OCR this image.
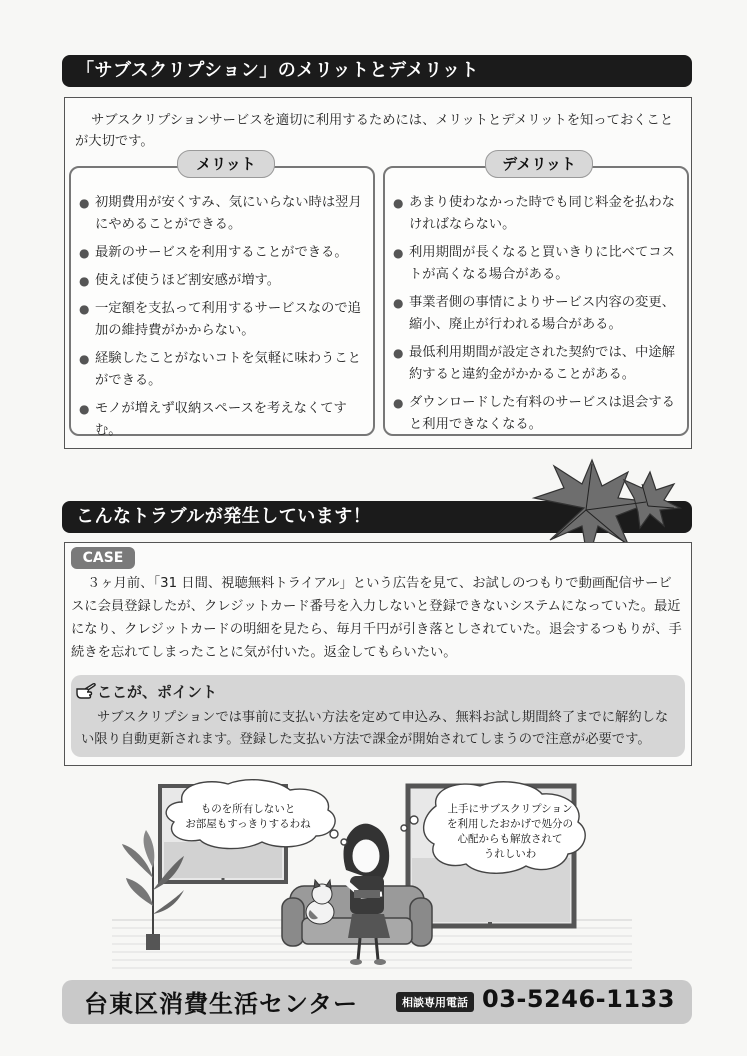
「サブスクリプション」のメリットとデメリット

サブスクリプションサービスを適切に利用するためには、メリットとデメリットを知っておくことが大切です。

● 初期費用が安くすみ、気にいらない時は翌月にやめることができる。
● 最新のサービスを利用することができる。
● 使えば使うほど割安感が増す。
● 一定額を支払って利用するサービスなので追加の維持費がかからない。
● 経験したことがないコトを気軽に味わうことができる。
● モノが増えず収納スペースを考えなくてすむ。
● あまり使わなかった時でも同じ料金を払わなければならない。
● 利用期間が長くなると買いきりに比べてコストが高くなる場合がある。
● 事業者側の事情によりサービス内容の変更、縮小、廃止が行われる場合がある。
● 最低利用期間が設定された契約では、中途解約すると違約金がかかることがある。
● ダウンロードした有料のサービスは退会すると利用できなくなる。
メリット	デメリット
こんなトラブルが発生しています！
CASE

３ヶ月前、「31 日間、視聴無料トライアル」という広告を見て、お試しのつもりで動画配信サービスに会員登録したが、クレジットカード番号を入力しないと登録できないシステムになっていた。最近になり、クレジットカードの明細を見たら、毎月千円が引き落としされていた。退会するつもりが、手続きを忘れてしまったことに気が付いた。返金してもらいたい。

ここが、ポイント

サブスクリプションでは事前に支払い方法を定めて申込み、無料お試し期間終了までに解約しない限り自動更新されます。登録した支払い方法で課金が開始されてしまうので注意が必要です。

ものを所有しないと
お部屋もすっきりするわね
上手にサブスクリプション
を利用したおかげで処分の
心配からも解放されて
うれしいわ
台東区消費生活センター	相談専用電話 03-5246-1133
